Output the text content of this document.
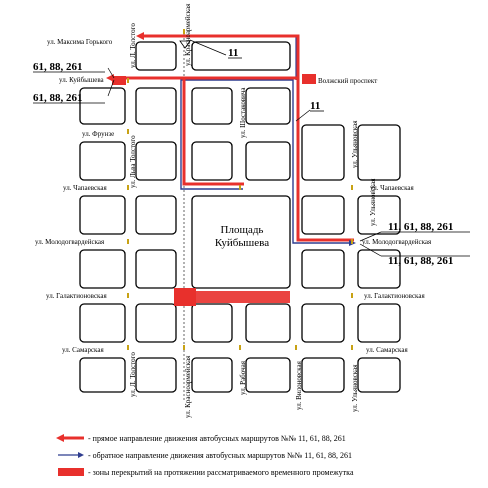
ул. Максима Горького
ул. Куйбышева
ул. Фрунзе
ул. Чапаевская
ул. Молодогвардейская
ул. Галактионовская
ул. Самарская
Волжский проспект
ул. Чапаевская
ул. Молодогвардейская
ул. Галактионовская
ул. Самарская
ул. Л. Толстого
ул. Льва Толстого
ул. Л. Толстого
ул. Красноармейская
ул. Красноармейская
ул. Шостаковича
ул. Рабочая	ул. Вилоновская
ул. Ульяновская
ул. Ульяновская
ул. Ульяновская
Площадь
Куйбышева
11
61, 88, 261
61, 88, 261
11
11, 61, 88, 261
11, 61, 88, 261
- прямое направление движения автобусных маршрутов №№ 11, 61, 88, 261
- обратное направление движения автобусных маршрутов №№ 11, 61, 88, 261
- зоны перекрытий на протяжении рассматриваемого временного промежутка
